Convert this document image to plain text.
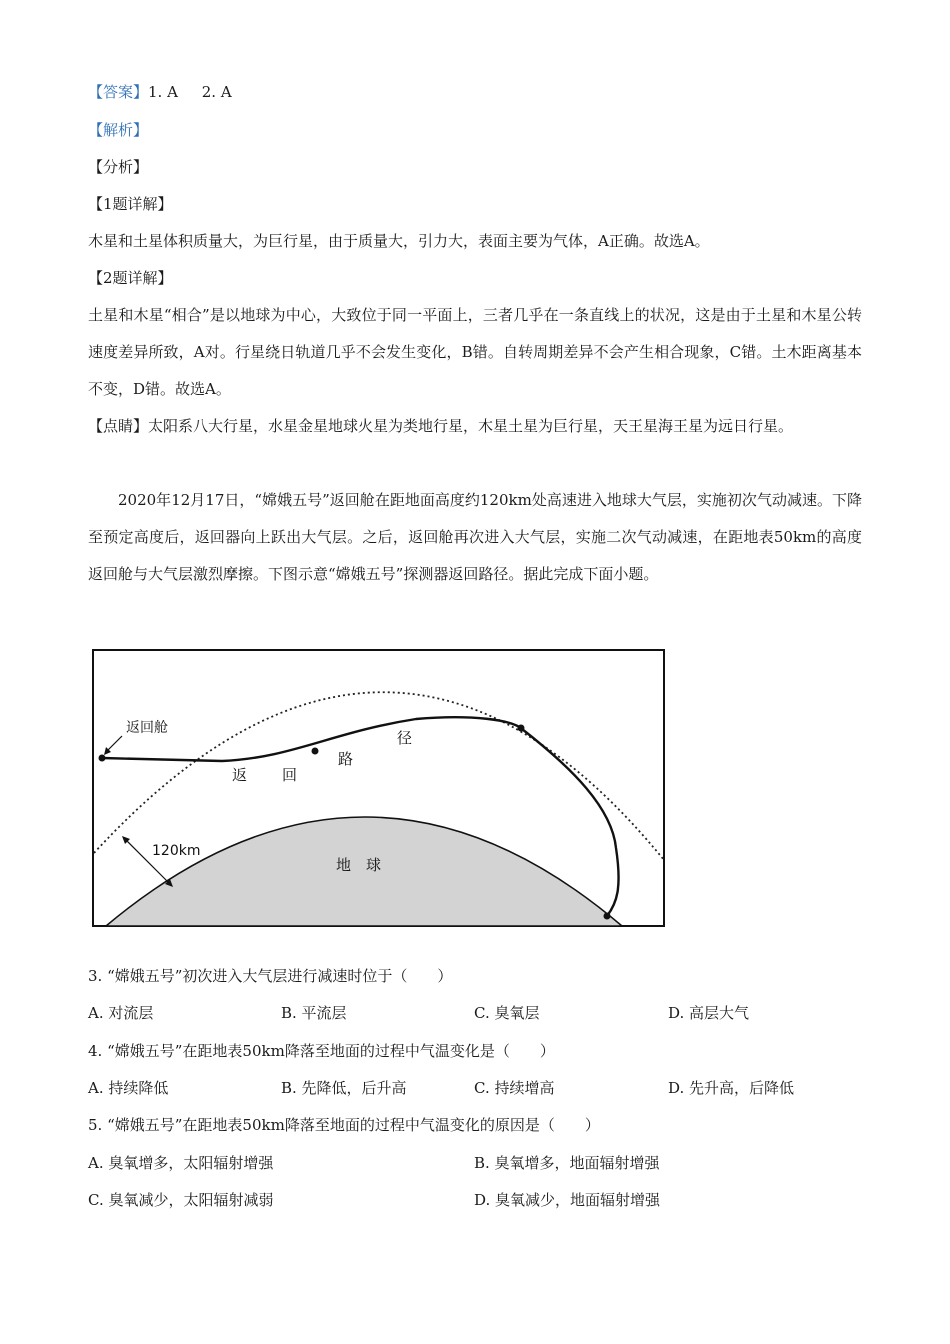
【答案】1. A     2. A
【解析】
【分析】
【1题详解】
木星和土星体积质量大，为巨行星，由于质量大，引力大，表面主要为气体，A正确。故选A。
【2题详解】
土星和木星“相合”是以地球为中心，大致位于同一平面上，三者几乎在一条直线上的状况，这是由于土星和木星公转速度差异所致，A对。行星绕日轨道几乎不会发生变化，B错。自转周期差异不会产生相合现象，C错。土木距离基本不变，D错。故选A。
【点睛】太阳系八大行星，水星金星地球火星为类地行星，木星土星为巨行星，天王星海王星为远日行星。
2020年12月17日，“嫦娥五号”返回舱在距地面高度约120km处高速进入地球大气层，实施初次气动减速。下降至预定高度后，返回器向上跃出大气层。之后，返回舱再次进入大气层，实施二次气动减速，在距地表50km的高度返回舱与大气层激烈摩擦。下图示意“嫦娥五号”探测器返回路径。据此完成下面小题。
返回舱
返 回
路
径
120km
地　球
3. “嫦娥五号”初次进入大气层进行减速时位于（　　）
A. 对流层	B. 平流层	C. 臭氧层	D. 高层大气
4. “嫦娥五号”在距地表50km降落至地面的过程中气温变化是（　　）
A. 持续降低	B. 先降低，后升高	C. 持续增高	D. 先升高，后降低
5. “嫦娥五号”在距地表50km降落至地面的过程中气温变化的原因是（　　）
A. 臭氧增多，太阳辐射增强	B. 臭氧增多，地面辐射增强
C. 臭氧减少，太阳辐射减弱	D. 臭氧减少，地面辐射增强
